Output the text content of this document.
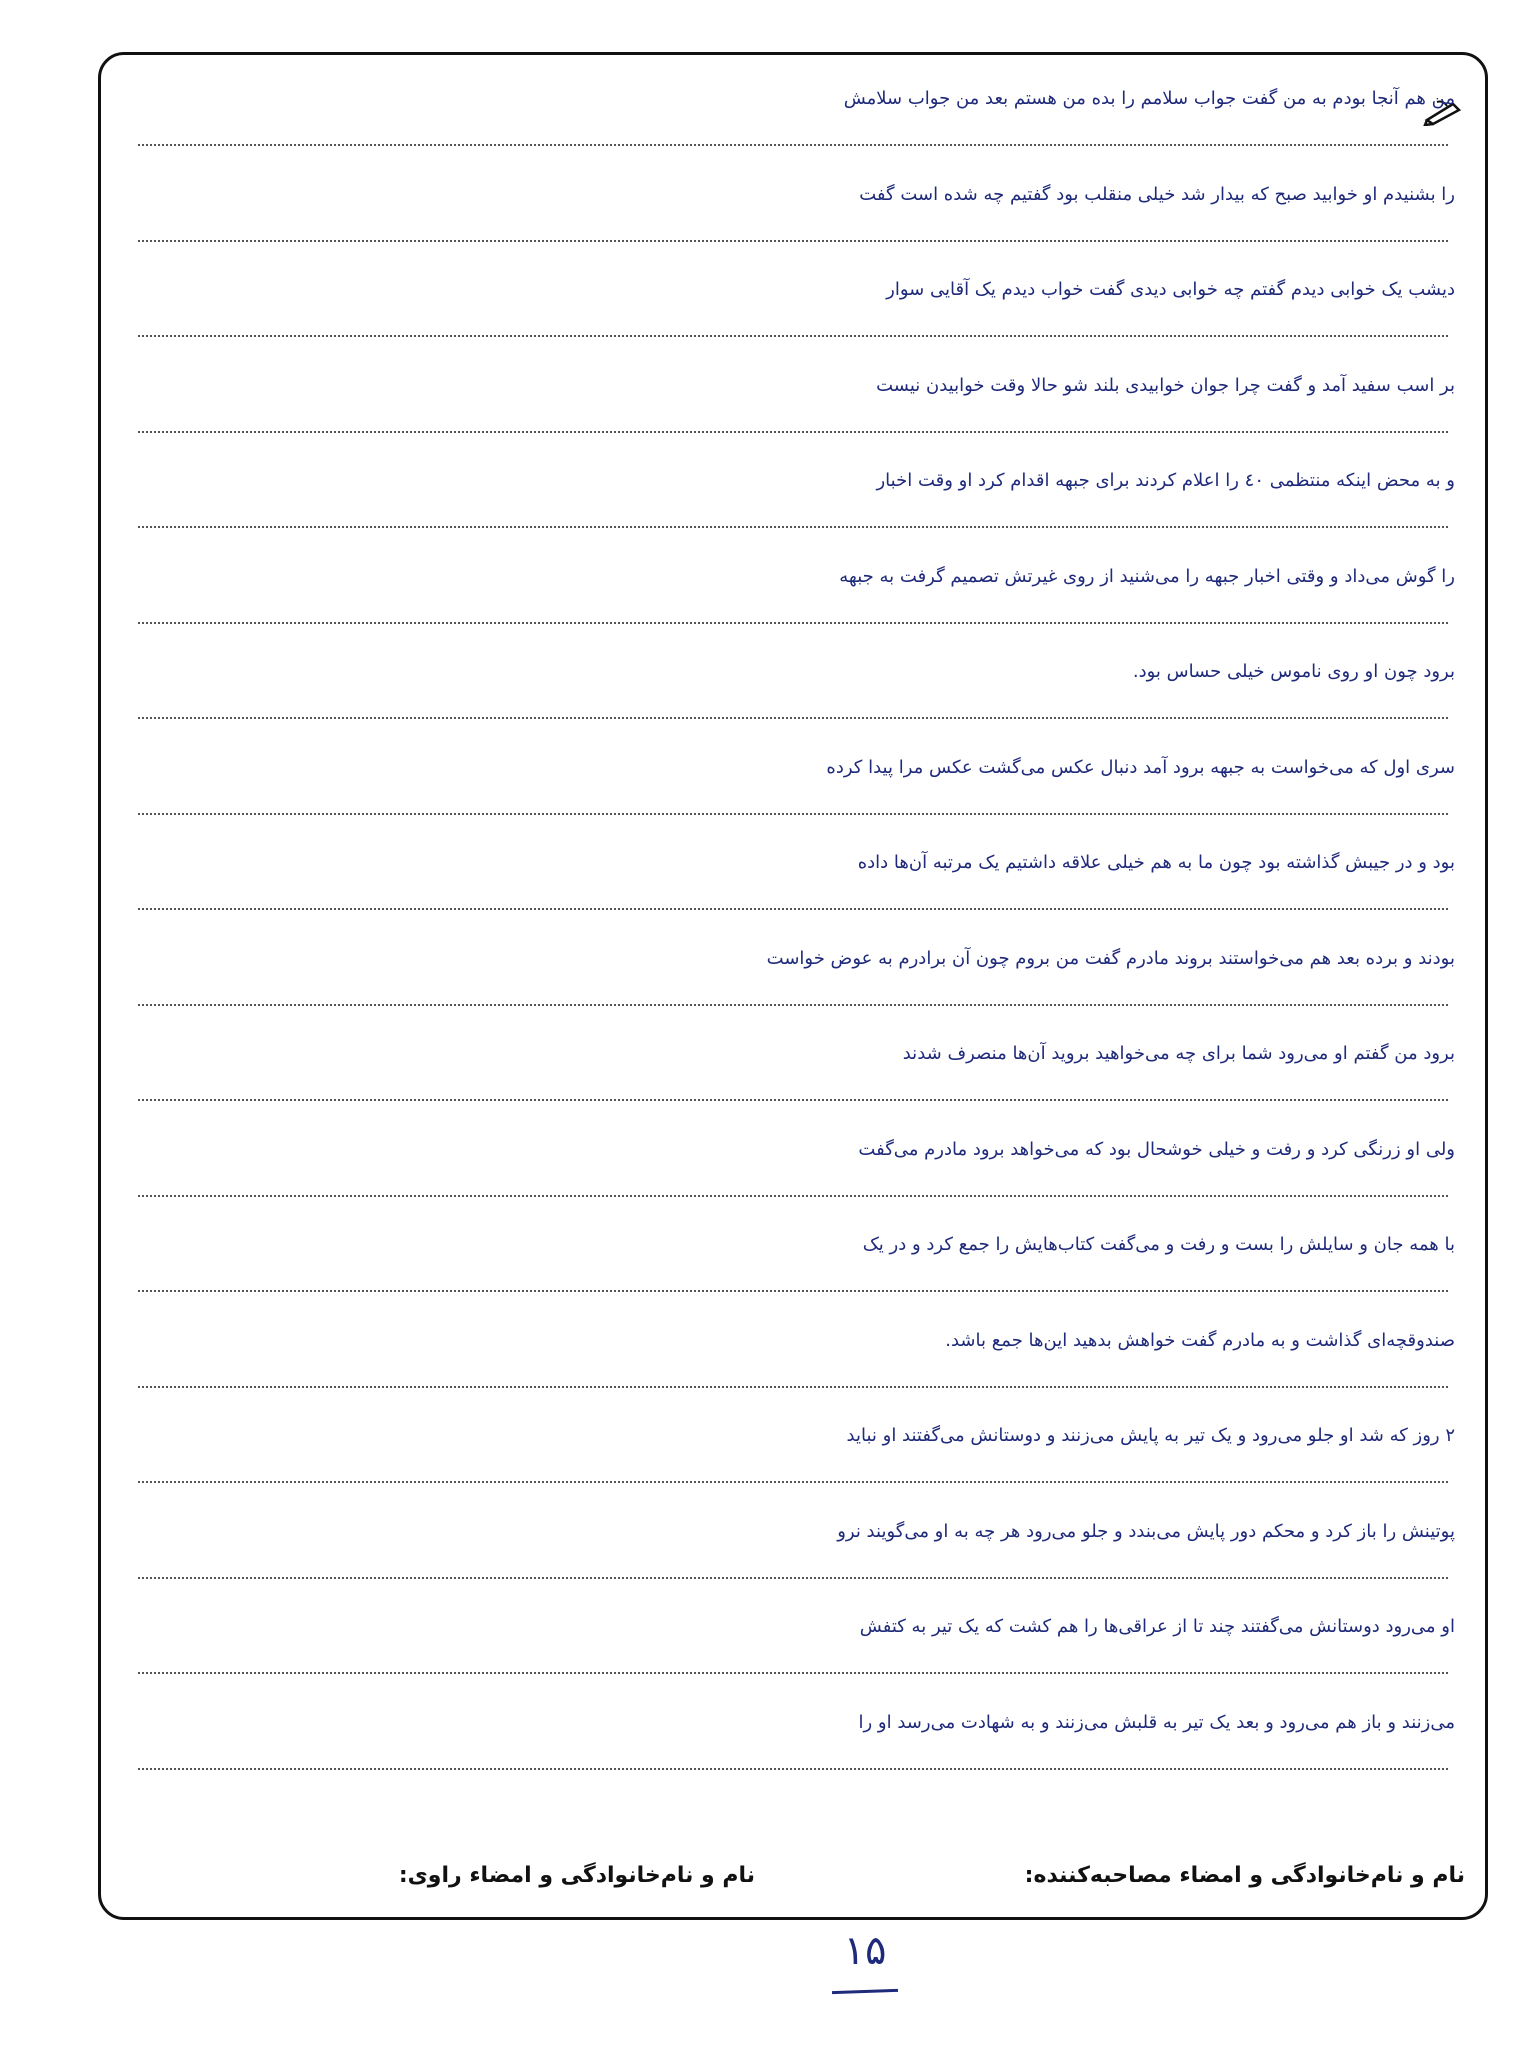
من هم آنجا بودم به من گفت جواب سلامم را بده من هستم بعد من جواب سلامش
را بشنیدم او خوابید صبح که بیدار شد خیلی منقلب بود گفتیم چه شده است گفت
دیشب یک خوابی دیدم گفتم چه خوابی دیدی گفت خواب دیدم یک آقایی سوار
بر اسب سفید آمد و گفت چرا جوان خوابیدی بلند شو حالا وقت خوابیدن نیست
و به محض اینکه منتظمی ٤٠ را اعلام کردند برای جبهه اقدام کرد او وقت اخبار
را گوش می‌داد و وقتی اخبار جبهه را می‌شنید از روی غیرتش تصمیم گرفت به جبهه
برود چون او روی ناموس خیلی حساس بود.
سری اول که می‌خواست به جبهه برود آمد دنبال عکس می‌گشت عکس مرا پیدا کرده
بود و در جیبش گذاشته بود چون ما به هم خیلی علاقه داشتیم یک مرتبه آن‌ها داده
بودند و برده بعد هم می‌خواستند بروند مادرم گفت من بروم چون آن برادرم به عوض خواست
برود من گفتم او می‌رود شما برای چه می‌خواهید بروید آن‌ها منصرف شدند
ولی او زرنگی کرد و رفت و خیلی خوشحال بود که می‌خواهد برود مادرم می‌گفت
با همه جان و سایلش را بست و رفت و می‌گفت کتاب‌هایش را جمع کرد و در یک
صندوقچه‌ای گذاشت و به مادرم گفت خواهش بدهید این‌ها جمع باشد.
۲ روز که شد او جلو می‌رود و یک تیر به پایش می‌زنند و دوستانش می‌گفتند او نباید
پوتینش را باز کرد و محکم دور پایش می‌بندد و جلو می‌رود هر چه به او می‌گویند نرو
او می‌رود دوستانش می‌گفتند چند تا از عراقی‌ها را هم کشت که یک تیر به کتفش
می‌زنند و باز هم می‌رود و بعد یک تیر به قلبش می‌زنند و به شهادت می‌رسد او را
نام و نام‌خانوادگی و امضاء مصاحبه‌کننده:
نام و نام‌خانوادگی و امضاء راوی:
۱۵
